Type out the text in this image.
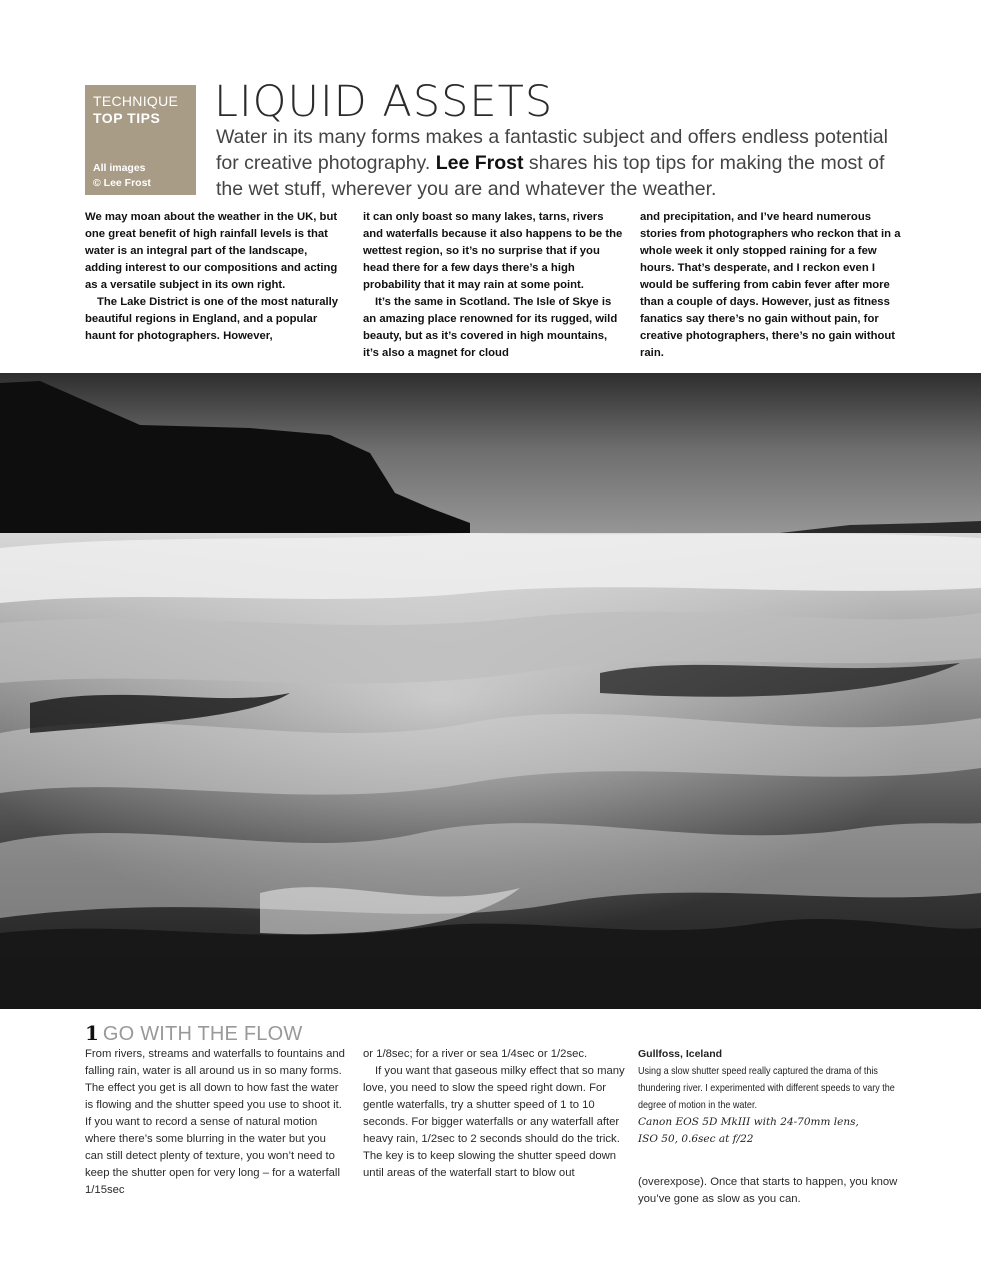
TECHNIQUE
TOP TIPS
All images
© Lee Frost
LIQUID ASSETS

Water in its many forms makes a fantastic subject and offers endless potential for creative photography. Lee Frost shares his top tips for making the most of the wet stuff, wherever you are and whatever the weather.

We may moan about the weather in the UK, but one great benefit of high rainfall levels is that water is an integral part of the landscape, adding interest to our compositions and acting as a versatile subject in its own right.

The Lake District is one of the most naturally beautiful regions in England, and a popular haunt for photographers. However,

it can only boast so many lakes, tarns, rivers and waterfalls because it also happens to be the wettest region, so it’s no surprise that if you head there for a few days there’s a high probability that it may rain at some point.

It’s the same in Scotland. The Isle of Skye is an amazing place renowned for its rugged, wild beauty, but as it’s covered in high mountains, it’s also a magnet for cloud

and precipitation, and I’ve heard numerous stories from photographers who reckon that in a whole week it only stopped raining for a few hours. That’s desperate, and I reckon even I would be suffering from cabin fever after more than a couple of days. However, just as fitness fanatics say there’s no gain without pain, for creative photographers, there’s no gain without rain.

1 GO WITH THE FLOW

From rivers, streams and waterfalls to fountains and falling rain, water is all around us in so many forms. The effect you get is all down to how fast the water is flowing and the shutter speed you use to shoot it. If you want to record a sense of natural motion where there’s some blurring in the water but you can still detect plenty of texture, you won’t need to keep the shutter open for very long – for a waterfall 1/15sec

or 1/8sec; for a river or sea 1/4sec or 1/2sec.

If you want that gaseous milky effect that so many love, you need to slow the speed right down. For gentle waterfalls, try a shutter speed of 1 to 10 seconds. For bigger waterfalls or any waterfall after heavy rain, 1/2sec to 2 seconds should do the trick. The key is to keep slowing the shutter speed down until areas of the waterfall start to blow out

Gullfoss, Iceland
Using a slow shutter speed really captured the drama of this thundering river. I experimented with different speeds to vary the degree of motion in the water.
Canon EOS 5D MkIII with 24-70mm lens,
ISO 50, 0.6sec at f/22

(overexpose). Once that starts to happen, you know you’ve gone as slow as you can.
